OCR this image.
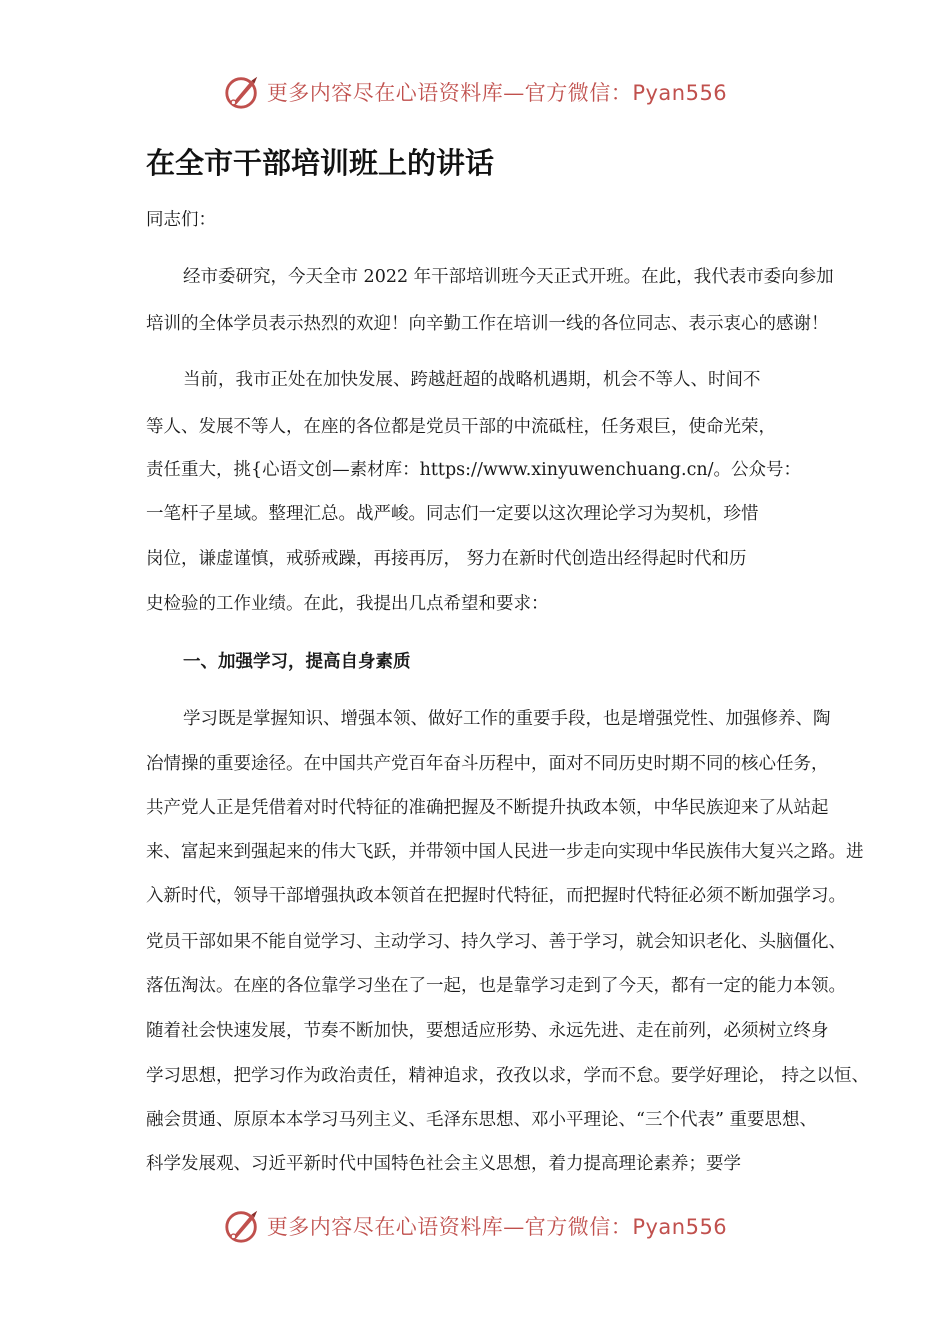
更多内容尽在心语资料库—官方微信：Pyan556
在全市干部培训班上的讲话
同志们：
经市委研究，今天全市 2022 年干部培训班今天正式开班。在此，我代表市委向参加
培训的全体学员表示热烈的欢迎！向辛勤工作在培训一线的各位同志、表示衷心的感谢！
当前，我市正处在加快发展、跨越赶超的战略机遇期，机会不等人、时间不
等人、发展不等人，在座的各位都是党员干部的中流砥柱，任务艰巨，使命光荣，
责任重大，挑{心语文创—素材库：https://www.xinyuwenchuang.cn/。公众号：
一笔杆子星域。整理汇总。战严峻。同志们一定要以这次理论学习为契机，珍惜
岗位，谦虚谨慎，戒骄戒躁，再接再厉， 努力在新时代创造出经得起时代和历
史检验的工作业绩。在此，我提出几点希望和要求：
一、加强学习，提高自身素质
学习既是掌握知识、增强本领、做好工作的重要手段，也是增强党性、加强修养、陶
冶情操的重要途径。在中国共产党百年奋斗历程中，面对不同历史时期不同的核心任务，
共产党人正是凭借着对时代特征的准确把握及不断提升执政本领，中华民族迎来了从站起
来、富起来到强起来的伟大飞跃，并带领中国人民进一步走向实现中华民族伟大复兴之路。进
入新时代，领导干部增强执政本领首在把握时代特征，而把握时代特征必须不断加强学习。
党员干部如果不能自觉学习、主动学习、持久学习、善于学习，就会知识老化、头脑僵化、
落伍淘汰。在座的各位靠学习坐在了一起，也是靠学习走到了今天，都有一定的能力本领。
随着社会快速发展，节奏不断加快，要想适应形势、永远先进、走在前列，必须树立终身
学习思想，把学习作为政治责任，精神追求，孜孜以求，学而不怠。要学好理论， 持之以恒、
融会贯通、原原本本学习马列主义、毛泽东思想、邓小平理论、“三个代表” 重要思想、
科学发展观、习近平新时代中国特色社会主义思想，着力提高理论素养；要学
更多内容尽在心语资料库—官方微信：Pyan556
